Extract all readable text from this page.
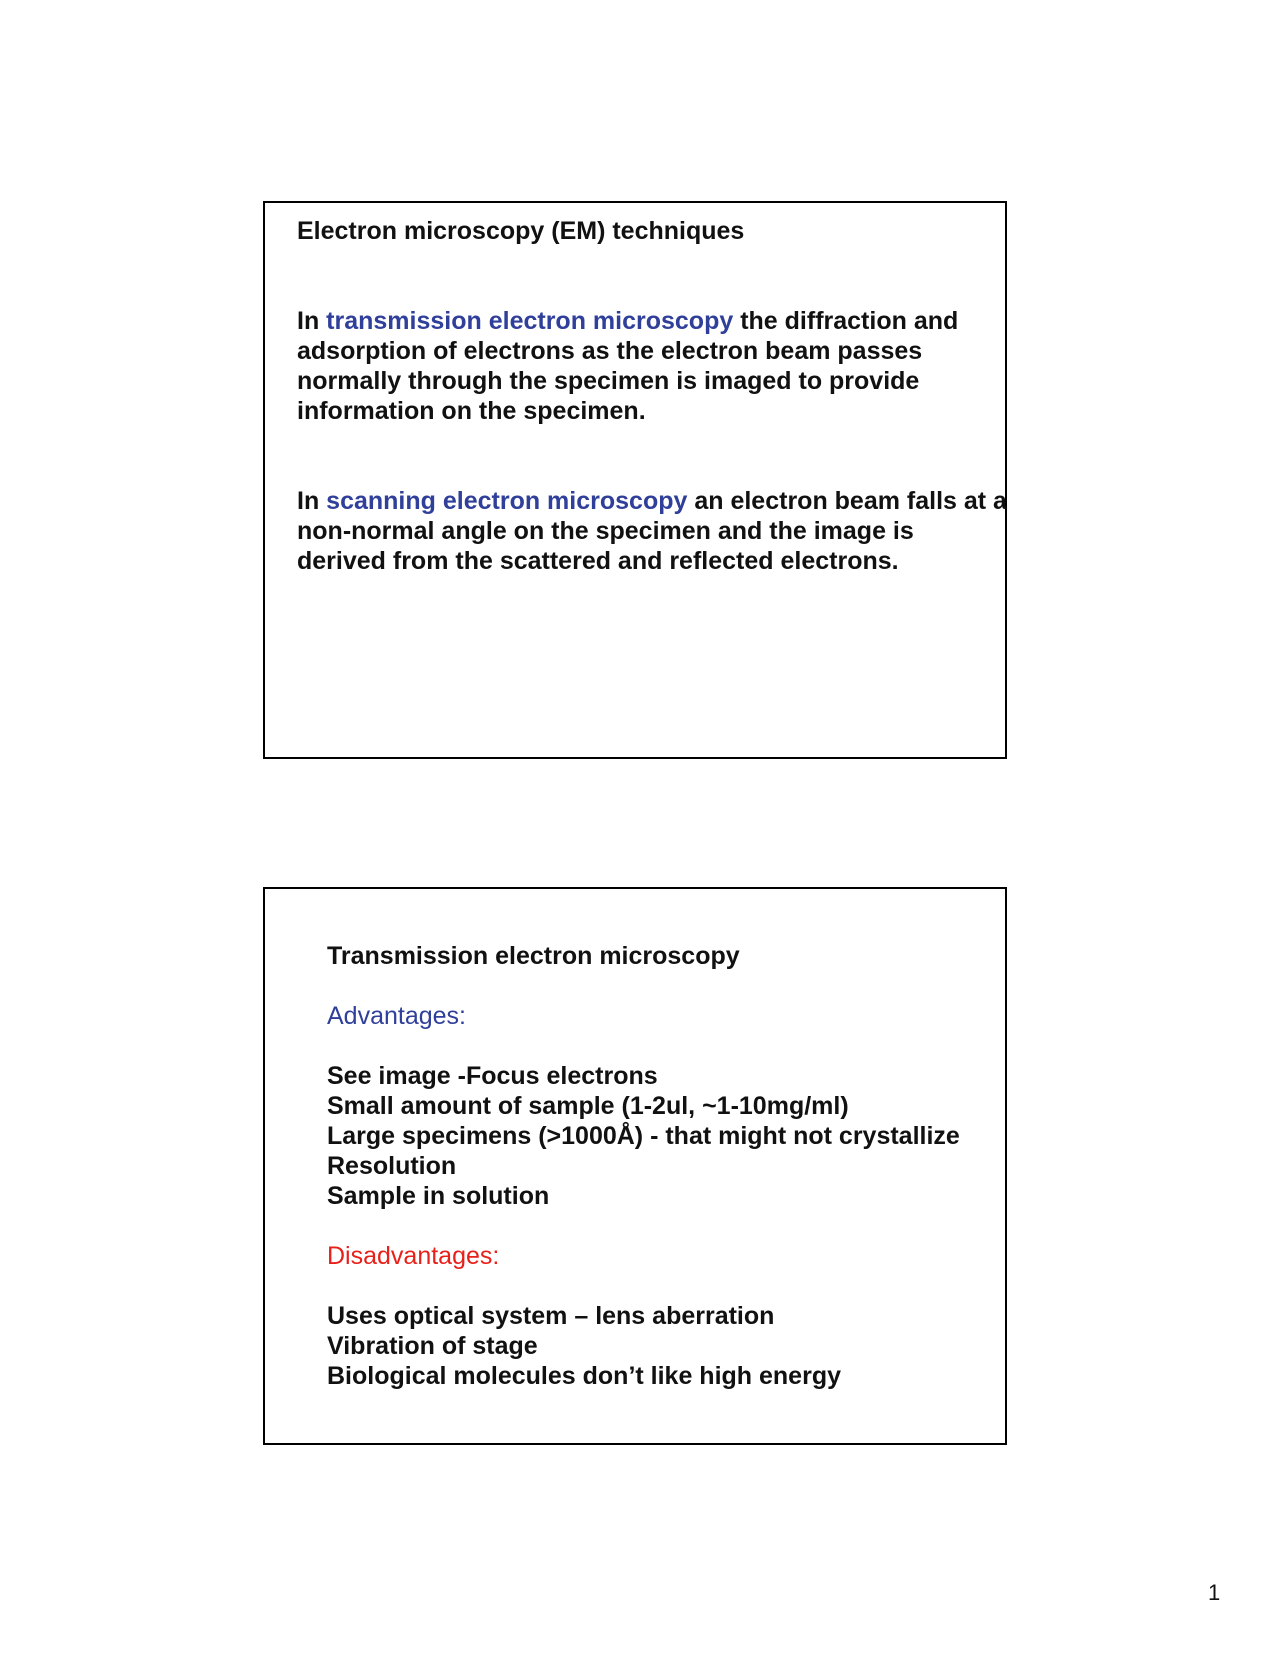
Electron microscopy (EM) techniques
In transmission electron microscopy the diffraction and adsorption of electrons as the electron beam passes normally through the specimen is imaged to provide information on the specimen.
In scanning electron microscopy an electron beam falls at a non-normal angle on the specimen and the image is derived from the scattered and reflected electrons.
Transmission electron microscopy
Advantages:
See image -Focus electrons
Small amount of sample (1-2ul, ~1-10mg/ml)
Large specimens (>1000Å) - that might not crystallize
Resolution
Sample in solution
Disadvantages:
Uses optical system – lens aberration
Vibration of stage
Biological molecules don’t like high energy
1
